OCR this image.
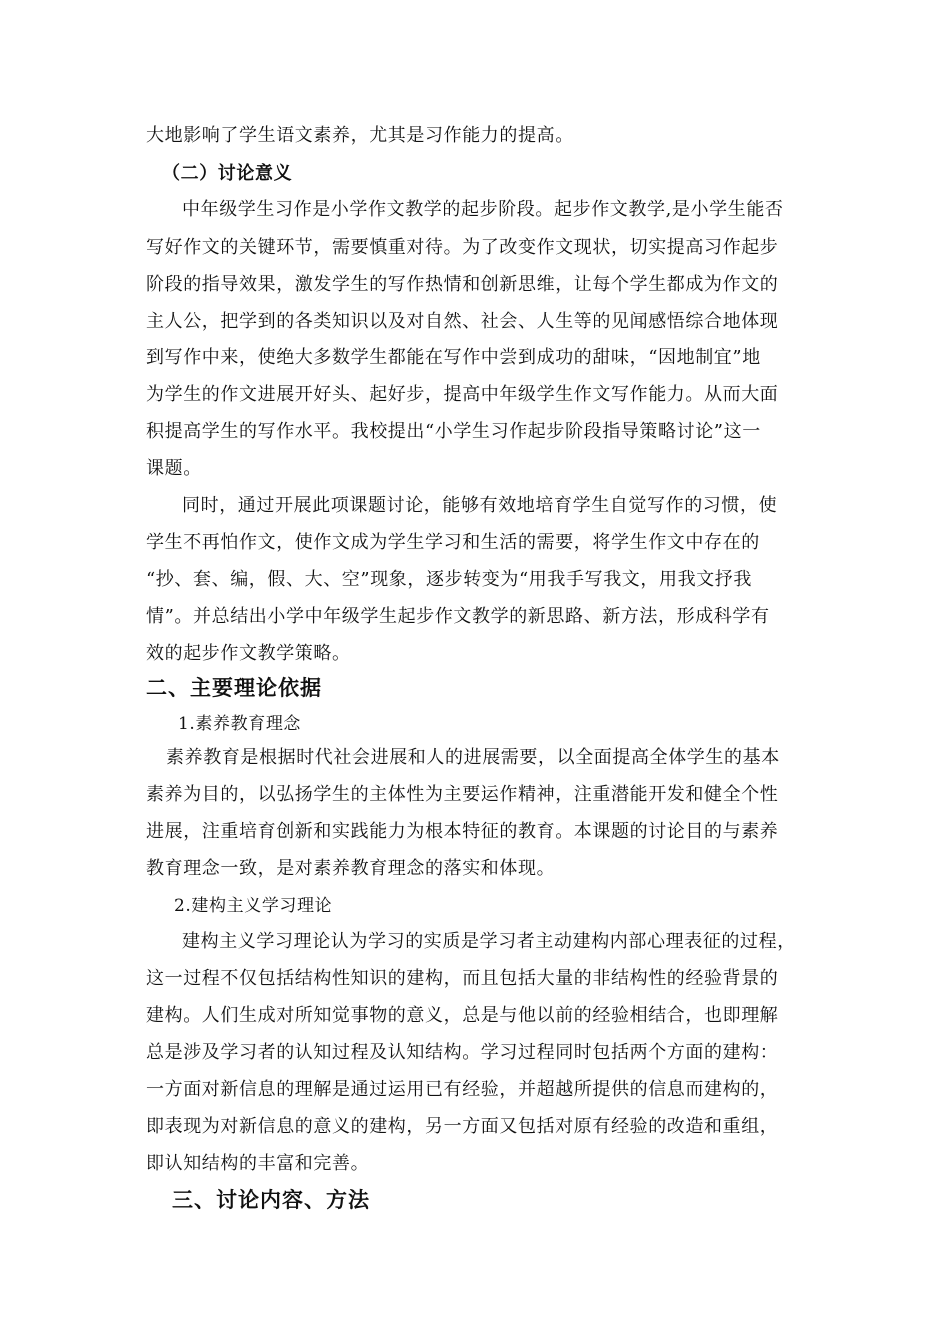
大地影响了学生语文素养，尤其是习作能力的提高。
（二）讨论意义
中年级学生习作是小学作文教学的起步阶段。起步作文教学,是小学生能否
写好作文的关键环节，需要慎重对待。为了改变作文现状，切实提高习作起步
阶段的指导效果，激发学生的写作热情和创新思维，让每个学生都成为作文的
主人公，把学到的各类知识以及对自然、社会、人生等的见闻感悟综合地体现
到写作中来，使绝大多数学生都能在写作中尝到成功的甜味，“因地制宜”地
为学生的作文进展开好头、起好步，提高中年级学生作文写作能力。从而大面
积提高学生的写作水平。我校提出“小学生习作起步阶段指导策略讨论”这一
课题。
同时，通过开展此项课题讨论，能够有效地培育学生自觉写作的习惯，使
学生不再怕作文，使作文成为学生学习和生活的需要，将学生作文中存在的
“抄、套、编，假、大、空”现象，逐步转变为“用我手写我文，用我文抒我
情”。并总结出小学中年级学生起步作文教学的新思路、新方法，形成科学有
效的起步作文教学策略。
二、主要理论依据
1.素养教育理念
素养教育是根据时代社会进展和人的进展需要，以全面提高全体学生的基本
素养为目的，以弘扬学生的主体性为主要运作精神，注重潜能开发和健全个性
进展，注重培育创新和实践能力为根本特征的教育。本课题的讨论目的与素养
教育理念一致，是对素养教育理念的落实和体现。
2.建构主义学习理论
建构主义学习理论认为学习的实质是学习者主动建构内部心理表征的过程，
这一过程不仅包括结构性知识的建构，而且包括大量的非结构性的经验背景的
建构。人们生成对所知觉事物的意义，总是与他以前的经验相结合，也即理解
总是涉及学习者的认知过程及认知结构。学习过程同时包括两个方面的建构：
一方面对新信息的理解是通过运用已有经验，并超越所提供的信息而建构的，
即表现为对新信息的意义的建构，另一方面又包括对原有经验的改造和重组，
即认知结构的丰富和完善。
三、讨论内容、方法
